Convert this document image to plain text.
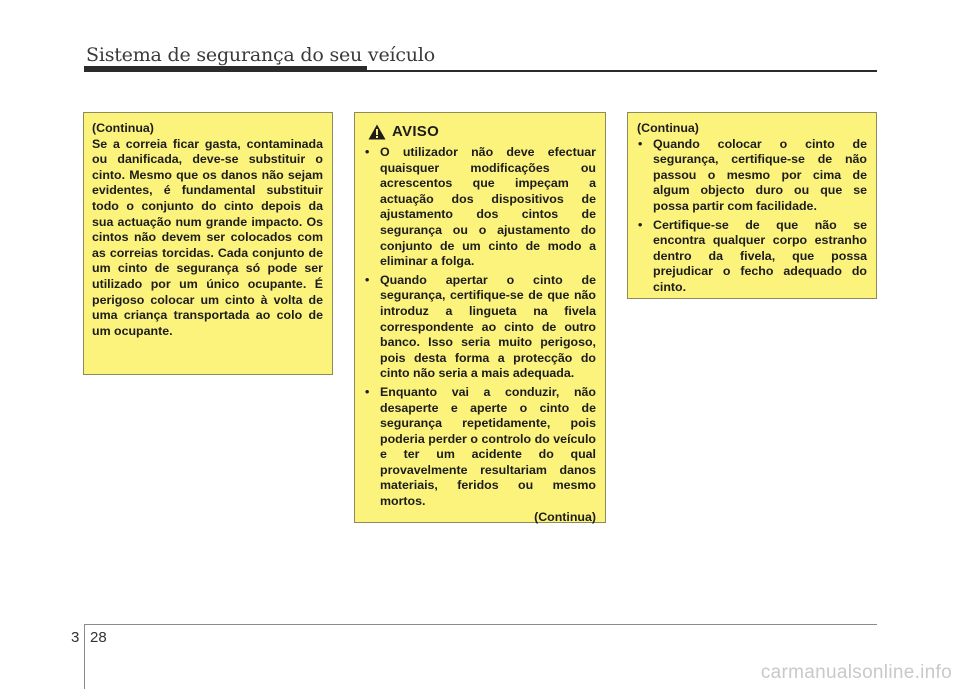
Sistema de segurança do seu veículo
(Continua)

Se a correia ficar gasta, contaminada ou danificada, deve-se substituir o cinto. Mesmo que os danos não sejam evidentes, é fundamental substituir todo o conjunto do cinto depois da sua actuação num grande impacto. Os cintos não devem ser colocados com as correias torcidas. Cada conjunto de um cinto de segurança só pode ser utilizado por um único ocupante. É perigoso colocar um cinto à volta de uma criança transportada ao colo de um ocupante.

AVISO
• O utilizador não deve efectuar quaisquer modificações ou acrescentos que impeçam a actuação dos dispositivos de ajustamento dos cintos de segurança ou o ajustamento do conjunto de um cinto de modo a eliminar a folga.
• Quando apertar o cinto de segurança, certifique-se de que não introduz a lingueta na fivela correspondente ao cinto de outro banco. Isso seria muito perigoso, pois desta forma a protecção do cinto não seria a mais adequada.
• Enquanto vai a conduzir, não desaperte e aperte o cinto de segurança repetidamente, pois poderia perder o controlo do veículo e ter um acidente do qual provavelmente resultariam danos materiais, feridos ou mesmo mortos.
(Continua)
(Continua)
• Quando colocar o cinto de segurança, certifique-se de não passou o mesmo por cima de algum objecto duro ou que se possa partir com facilidade.
• Certifique-se de que não se encontra qualquer corpo estranho dentro da fivela, que possa prejudicar o fecho adequado do cinto.
3 28
carmanualsonline.info
